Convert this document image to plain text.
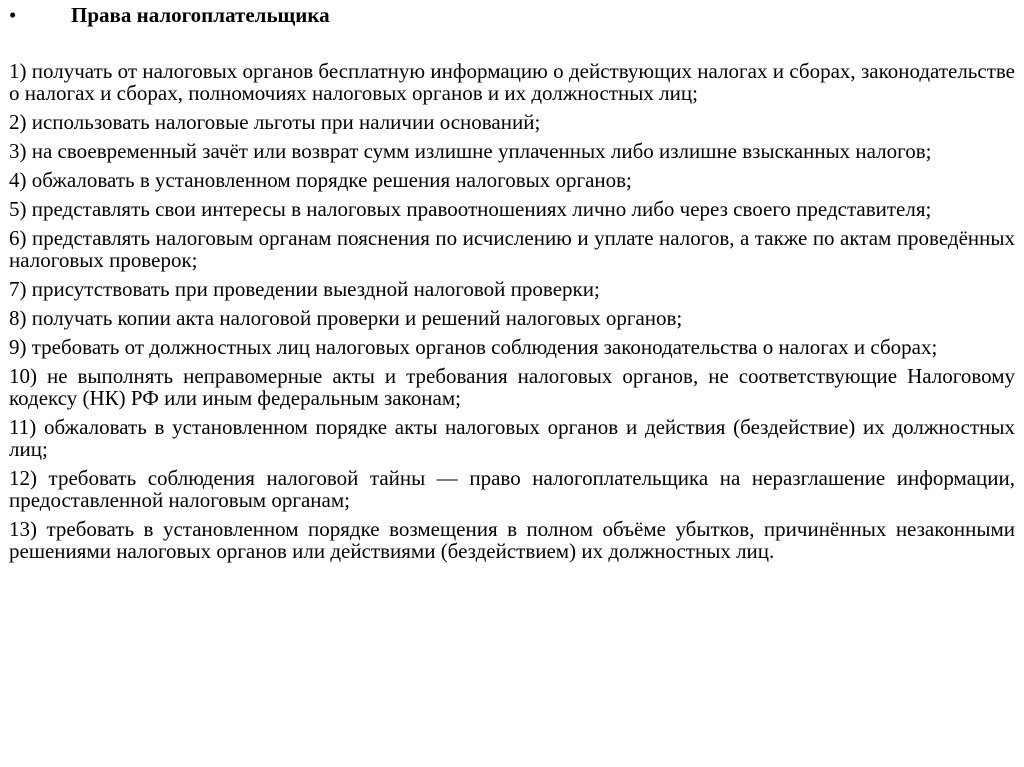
•	Права налогоплательщика
1) получать от налоговых органов бесплатную информацию о действующих налогах и сборах, законодательстве о налогах и сборах, полномочиях налоговых органов и их должностных лиц;
2) использовать налоговые льготы при наличии оснований;
3) на своевременный зачёт или возврат сумм излишне уплаченных либо излишне взысканных налогов;
4) обжаловать в установленном порядке решения налоговых органов;
5) представлять свои интересы в налоговых правоотношениях лично либо через своего представителя;
6) представлять налоговым органам пояснения по исчислению и уплате налогов, а также по актам проведённых налоговых проверок;
7) присутствовать при проведении выездной налоговой проверки;
8) получать копии акта налоговой проверки и решений налоговых органов;
9) требовать от должностных лиц налоговых органов соблюдения законодательства о налогах и сборах;
10) не выполнять неправомерные акты и требования налоговых органов, не соответствующие Налоговому кодексу (НК) РФ или иным федеральным законам;
11) обжаловать в установленном порядке акты налоговых органов и действия (бездействие) их должностных лиц;
12) требовать соблюдения налоговой тайны — право налогоплательщика на неразглашение информации, предоставленной налоговым органам;
13) требовать в установленном порядке возмещения в полном объёме убытков, причинённых незаконными решениями налоговых органов или действиями (бездействием) их должностных лиц.
